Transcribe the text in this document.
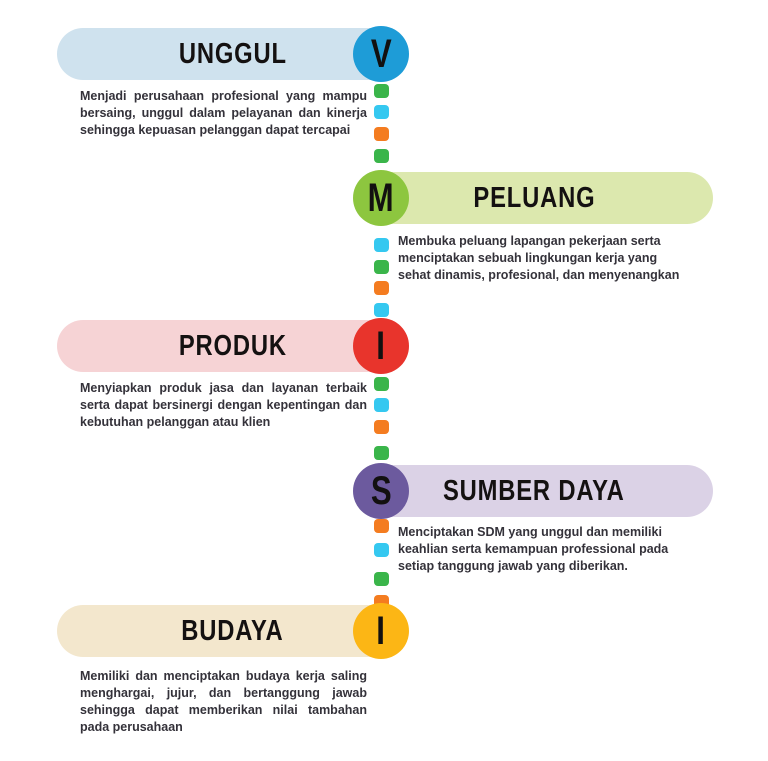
UNGGUL V

Menjadi perusahaan profesional yang mampu bersaing, unggul dalam pelayanan dan kinerja sehingga kepuasan pelanggan dapat tercapai

PELUANG
M

Membuka peluang lapangan pekerjaan serta menciptakan sebuah lingkungan kerja yang sehat dinamis, profesional, dan menyenangkan

PRODUK I

Menyiapkan produk jasa dan layanan terbaik serta dapat bersinergi dengan kepentingan dan kebutuhan pelanggan atau klien

SUMBER DAYA
S

Menciptakan SDM yang unggul dan memiliki keahlian serta kemampuan professional pada setiap tanggung jawab yang diberikan.

BUDAYA I

Memiliki dan menciptakan budaya kerja saling menghargai, jujur, dan bertanggung jawab sehingga dapat memberikan nilai tambahan pada perusahaan
